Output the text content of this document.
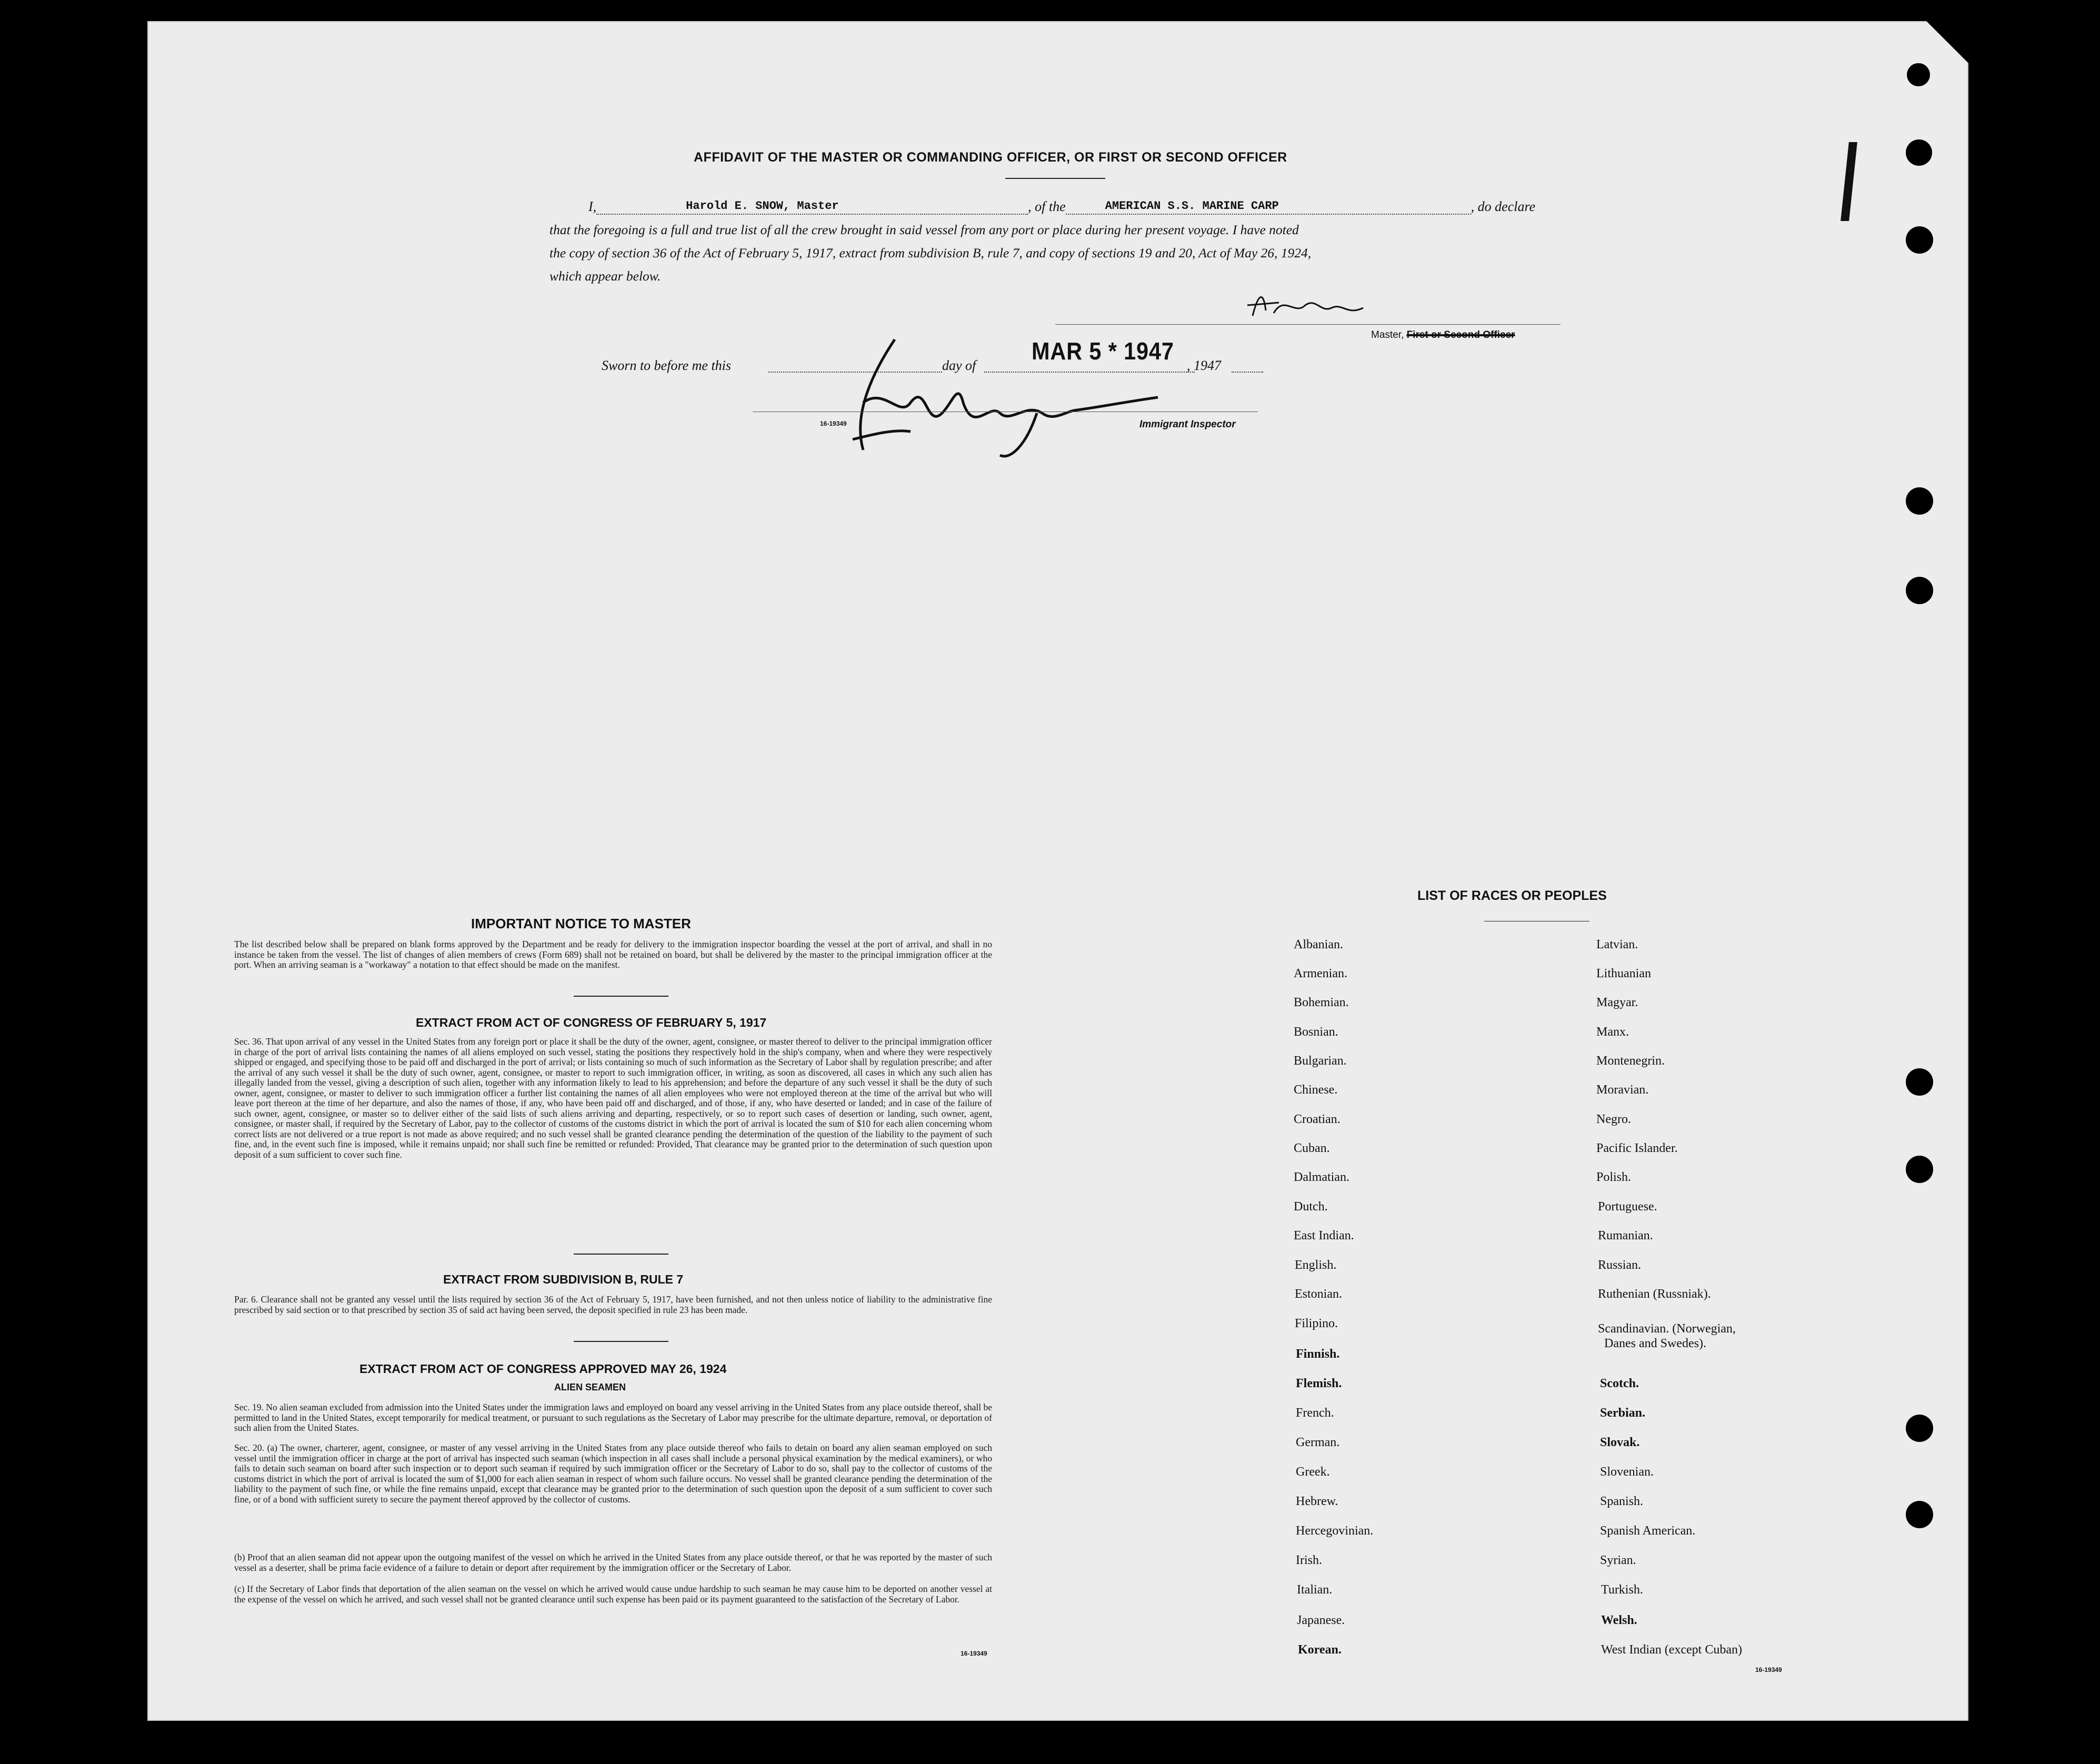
AFFIDAVIT OF THE MASTER OR COMMANDING OFFICER, OR FIRST OR SECOND OFFICER
I,	Harold E. SNOW, Master	, of the	AMERICAN S.S. MARINE CARP	, do declare
that the foregoing is a full and true list of all the crew brought in said vessel from any port or place during her present voyage. I have noted
the copy of section 36 of the Act of February 5, 1917, extract from subdivision B, rule 7, and copy of sections 19 and 20, Act of May 26, 1924,
which appear below.
Master, First or Second Officer
Sworn to before me this	day of
MAR 5 * 1947
, 1947
16-19349	Immigrant Inspector
IMPORTANT NOTICE TO MASTER
The list described below shall be prepared on blank forms approved by the Department and be ready for delivery to the immigration inspector boarding the vessel at the port of arrival, and shall in no instance be taken from the vessel. The list of changes of alien members of crews (Form 689) shall not be retained on board, but shall be delivered by the master to the principal immigration officer at the port. When an arriving seaman is a "workaway" a notation to that effect should be made on the manifest.
EXTRACT FROM ACT OF CONGRESS OF FEBRUARY 5, 1917
Sec. 36. That upon arrival of any vessel in the United States from any foreign port or place it shall be the duty of the owner, agent, consignee, or master thereof to deliver to the principal immigration officer in charge of the port of arrival lists containing the names of all aliens employed on such vessel, stating the positions they respectively hold in the ship's company, when and where they were respectively shipped or engaged, and specifying those to be paid off and discharged in the port of arrival; or lists containing so much of such information as the Secretary of Labor shall by regulation prescribe; and after the arrival of any such vessel it shall be the duty of such owner, agent, consignee, or master to report to such immigration officer, in writing, as soon as discovered, all cases in which any such alien has illegally landed from the vessel, giving a description of such alien, together with any information likely to lead to his apprehension; and before the departure of any such vessel it shall be the duty of such owner, agent, consignee, or master to deliver to such immigration officer a further list containing the names of all alien employees who were not employed thereon at the time of the arrival but who will leave port thereon at the time of her departure, and also the names of those, if any, who have been paid off and discharged, and of those, if any, who have deserted or landed; and in case of the failure of such owner, agent, consignee, or master so to deliver either of the said lists of such aliens arriving and departing, respectively, or so to report such cases of desertion or landing, such owner, agent, consignee, or master shall, if required by the Secretary of Labor, pay to the collector of customs of the customs district in which the port of arrival is located the sum of $10 for each alien concerning whom correct lists are not delivered or a true report is not made as above required; and no such vessel shall be granted clearance pending the determination of the question of the liability to the payment of such fine, and, in the event such fine is imposed, while it remains unpaid; nor shall such fine be remitted or refunded: Provided, That clearance may be granted prior to the determination of such question upon deposit of a sum sufficient to cover such fine.
EXTRACT FROM SUBDIVISION B, RULE 7
Par. 6. Clearance shall not be granted any vessel until the lists required by section 36 of the Act of February 5, 1917, have been furnished, and not then unless notice of liability to the administrative fine prescribed by said section or to that prescribed by section 35 of said act having been served, the deposit specified in rule 23 has been made.
EXTRACT FROM ACT OF CONGRESS APPROVED MAY 26, 1924
ALIEN SEAMEN
Sec. 19. No alien seaman excluded from admission into the United States under the immigration laws and employed on board any vessel arriving in the United States from any place outside thereof, shall be permitted to land in the United States, except temporarily for medical treatment, or pursuant to such regulations as the Secretary of Labor may prescribe for the ultimate departure, removal, or deportation of such alien from the United States.
Sec. 20. (a) The owner, charterer, agent, consignee, or master of any vessel arriving in the United States from any place outside thereof who fails to detain on board any alien seaman employed on such vessel until the immigration officer in charge at the port of arrival has inspected such seaman (which inspection in all cases shall include a personal physical examination by the medical examiners), or who fails to detain such seaman on board after such inspection or to deport such seaman if required by such immigration officer or the Secretary of Labor to do so, shall pay to the collector of customs of the customs district in which the port of arrival is located the sum of $1,000 for each alien seaman in respect of whom such failure occurs. No vessel shall be granted clearance pending the determination of the liability to the payment of such fine, or while the fine remains unpaid, except that clearance may be granted prior to the determination of such question upon the deposit of a sum sufficient to cover such fine, or of a bond with sufficient surety to secure the payment thereof approved by the collector of customs.
(b) Proof that an alien seaman did not appear upon the outgoing manifest of the vessel on which he arrived in the United States from any place outside thereof, or that he was reported by the master of such vessel as a deserter, shall be prima facie evidence of a failure to detain or deport after requirement by the immigration officer or the Secretary of Labor.
(c) If the Secretary of Labor finds that deportation of the alien seaman on the vessel on which he arrived would cause undue hardship to such seaman he may cause him to be deported on another vessel at the expense of the vessel on which he arrived, and such vessel shall not be granted clearance until such expense has been paid or its payment guaranteed to the satisfaction of the Secretary of Labor.
16-19349
LIST OF RACES OR PEOPLES
Albanian.
Armenian.
Bohemian.
Bosnian.
Bulgarian.
Chinese.
Croatian.
Cuban.
Dalmatian.
Dutch.
East Indian.
English.
Estonian.
Filipino.
Finnish.
Flemish.
French.
German.
Greek.
Hebrew.
Hercegovinian.
Irish.
Italian.
Japanese.
Korean.
Latvian.
Lithuanian
Magyar.
Manx.
Montenegrin.
Moravian.
Negro.
Pacific Islander.
Polish.
Portuguese.
Rumanian.
Russian.
Ruthenian (Russniak).
Scandinavian. (Norwegian,
Danes and Swedes).
Scotch.
Serbian.
Slovak.
Slovenian.
Spanish.
Spanish American.
Syrian.
Turkish.
Welsh.
West Indian (except Cuban)
16-19349
